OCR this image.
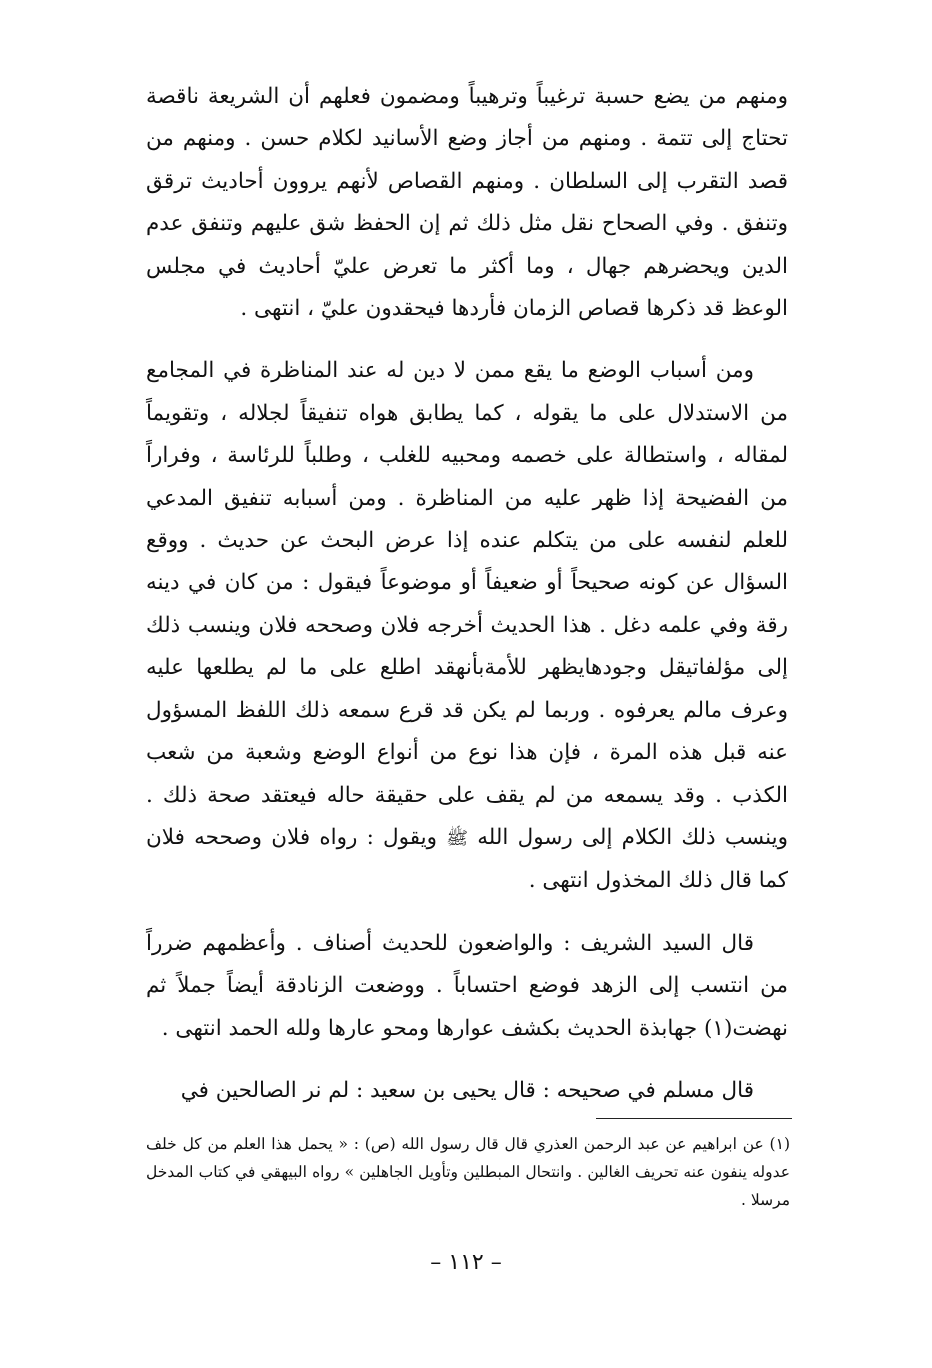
ومنهم من يضع حسبة ترغيباً وترهيباً ومضمون فعلهم أن الشريعة ناقصة تحتاج إلى تتمة . ومنهم من أجاز وضع الأسانيد لكلام حسن . ومنهم من قصد التقرب إلى السلطان . ومنهم القصاص لأنهم يروون أحاديث ترقق وتنفق . وفي الصحاح نقل مثل ذلك ثم إن الحفظ شق عليهم وتنفق عدم الدين ويحضرهم جهال ، وما أكثر ما تعرض عليّ أحاديث في مجلس الوعظ قد ذكرها قصاص الزمان فأردها فيحقدون عليّ ، انتهى .

ومن أسباب الوضع ما يقع ممن لا دين له عند المناظرة في المجامع من الاستدلال على ما يقوله ، كما يطابق هواه تنفيقاً لجلاله ، وتقويماً لمقاله ، واستطالة على خصمه ومحبيه للغلب ، وطلباً للرئاسة ، وفراراً من الفضيحة إذا ظهر عليه من المناظرة . ومن أسبابه تنفيق المدعي للعلم لنفسه على من يتكلم عنده إذا عرض البحث عن حديث . ووقع السؤال عن كونه صحيحاً أو ضعيفاً أو موضوعاً فيقول : من كان في دينه رقة وفي علمه دغل . هذا الحديث أخرجه فلان وصححه فلان وينسب ذلك إلى مؤلفاتيقل وجودهايظهر للأمةبأنهقد اطلع على ما لم يطلعها عليه وعرف مالم يعرفوه . وربما لم يكن قد قرع سمعه ذلك اللفظ المسؤول عنه قبل هذه المرة ، فإن هذا نوع من أنواع الوضع وشعبة من شعب الكذب . وقد يسمعه من لم يقف على حقيقة حاله فيعتقد صحة ذلك . وينسب ذلك الكلام إلى رسول الله ﷺ ويقول : رواه فلان وصححه فلان كما قال ذلك المخذول انتهى .

قال السيد الشريف : والواضعون للحديث أصناف . وأعظمهم ضرراً من انتسب إلى الزهد فوضع احتساباً . ووضعت الزنادقة أيضاً جملاً ثم نهضت(١) جهابذة الحديث بكشف عوارها ومحو عارها ولله الحمد انتهى .

قال مسلم في صحيحه : قال يحيى بن سعيد : لم نر الصالحين في

(١) عن ابراهيم عن عبد الرحمن العذري قال قال رسول الله (ص) : « يحمل هذا العلم من كل خلف عدوله ينفون عنه تحريف الغالين . وانتحال المبطلين وتأويل الجاهلين » رواه البيهقي في كتاب المدخل مرسلا .

– ١١٢ –
